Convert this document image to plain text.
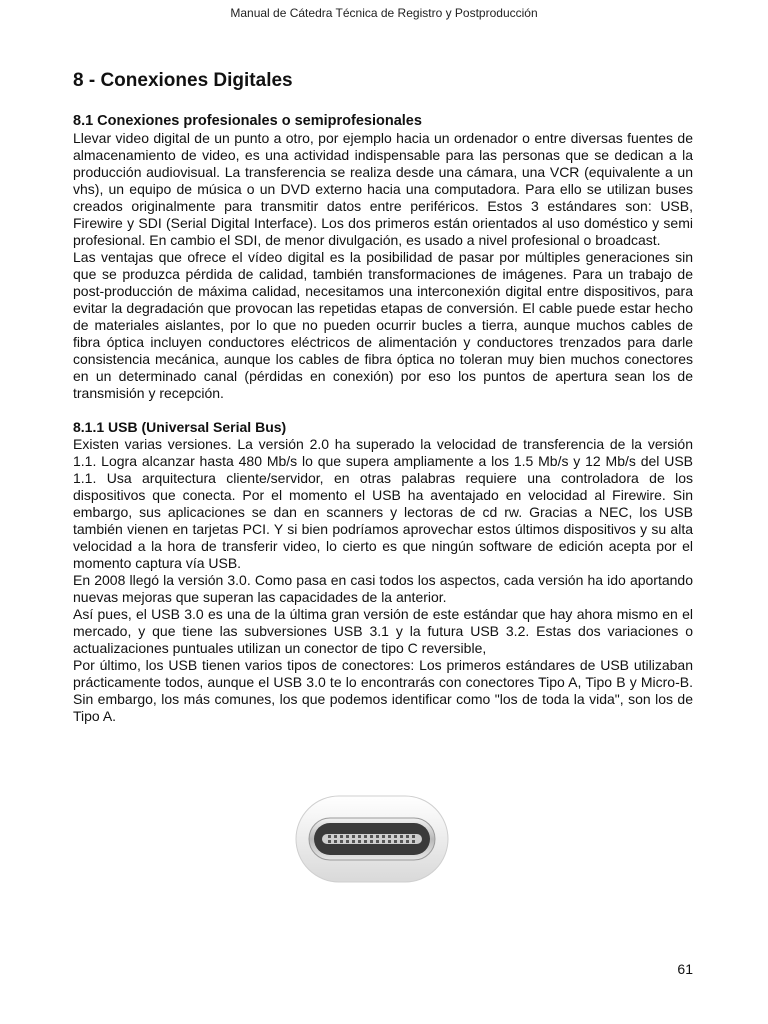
Manual de Cátedra Técnica de Registro y Postproducción
8 - Conexiones Digitales
8.1 Conexiones profesionales o semiprofesionales

Llevar video digital de un punto a otro, por ejemplo hacia un ordenador o entre diversas fuentes de almacenamiento de video, es una actividad indispensable para las personas que se dedican a la producción audiovisual. La transferencia se realiza desde una cámara, una VCR (equivalente a un vhs), un equipo de música o un DVD externo hacia una computadora. Para ello se utilizan buses creados originalmente para transmitir datos entre periféricos. Estos 3 estándares son: USB, Firewire y SDI (Serial Digital Interface). Los dos primeros están orientados al uso doméstico y semi profesional. En cambio el SDI, de menor divulgación, es usado a nivel profesional o broadcast.

Las ventajas que ofrece el vídeo digital es la posibilidad de pasar por múltiples generaciones sin que se produzca pérdida de calidad, también transformaciones de imágenes. Para un trabajo de post-producción de máxima calidad, necesitamos una interconexión digital entre dispositivos, para evitar la degradación que provocan las repetidas etapas de conversión. El cable puede estar hecho de materiales aislantes, por lo que no pueden ocurrir bucles a tierra, aunque muchos cables de fibra óptica incluyen conductores eléctricos de alimentación y conductores trenzados para darle consistencia mecánica, aunque los cables de fibra óptica no toleran muy bien muchos conectores en un determinado canal (pérdidas en conexión) por eso los puntos de apertura sean los de transmisión y recepción.

8.1.1 USB (Universal Serial Bus)

Existen varias versiones. La versión 2.0 ha superado la velocidad de transferencia de la versión 1.1. Logra alcanzar hasta 480 Mb/s lo que supera ampliamente a los 1.5 Mb/s y 12 Mb/s del USB 1.1. Usa arquitectura cliente/servidor, en otras palabras requiere una controladora de los dispositivos que conecta. Por el momento el USB ha aventajado en velocidad al Firewire. Sin embargo, sus aplicaciones se dan en scanners y lectoras de cd rw. Gracias a NEC, los USB también vienen en tarjetas PCI. Y si bien podríamos aprovechar estos últimos dispositivos y su alta velocidad a la hora de transferir video, lo cierto es que ningún software de edición acepta por el momento captura vía USB.

En 2008 llegó la versión 3.0. Como pasa en casi todos los aspectos, cada versión ha ido aportando nuevas mejoras que superan las capacidades de la anterior.

Así pues, el USB 3.0 es una de la última gran versión de este estándar que hay ahora mismo en el mercado, y que tiene las subversiones USB 3.1 y la futura USB 3.2. Estas dos variaciones o actualizaciones puntuales utilizan un conector de tipo C reversible,

Por último, los USB tienen varios tipos de conectores: Los primeros estándares de USB utilizaban prácticamente todos, aunque el USB 3.0 te lo encontrarás con conectores Tipo A, Tipo B y Micro-B. Sin embargo, los más comunes, los que podemos identificar como "los de toda la vida", son los de Tipo A.

61
